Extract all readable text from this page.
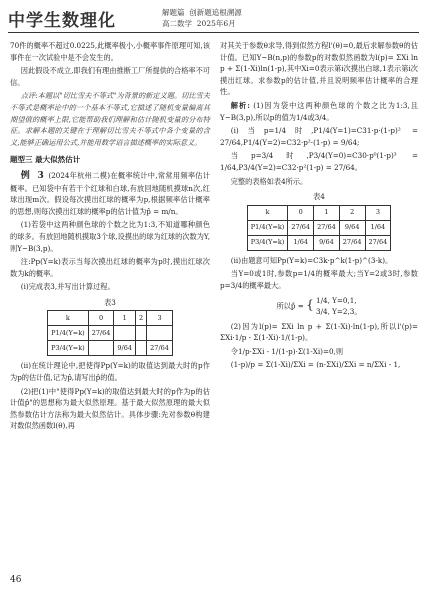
中学生数理化	解题篇 创新题追根溯源
高二数学 2025年6月

70件的概率不超过0.0225,此概率极小,小概率事件原理可知,该事件在一次试验中是不会发生的。

因此假设不成立,即我们有理由推断工厂所提供的合格率不可信。

点评:本题以"切比雪夫不等式"为背景的新定义题。切比雪夫不等式是概率论中的一个基本不等式,它描述了随机变量偏离其期望值的概率上限,它能帮助我们理解和估计随机变量的分布特征。求解本题的关键在于理解切比雪夫不等式中各个变量的含义,能够正确运用公式,并能用数学语言描述概率的实际意义。

题型三 最大似然估计

例 3 (2024年杭州二模)在概率统计中,常常用频率估计概率。已知袋中有若干个红球和白球,有放回地随机摸球n次,红球出现m次。假设每次摸出红球的概率为p,根据频率估计概率的思想,则每次摸出红球的概率p的估计值为p̂ = m/n。

(1)若袋中这两种颜色球的个数之比为1:3,不知道哪种颜色的球多。有放回地随机摸取3个球,设摸出的球为红球的次数为Y,则Y~B(3,p)。

注:Pp(Y=k)表示当每次摸出红球的概率为p时,摸出红球次数为k的概率。

(i)完成表3,并写出计算过程。

表3
k	0	1	2	3
P1/4(Y=k)	27/64			
P3/4(Y=k)		9/64		27/64

(ii)在统计理论中,把使得Pp(Y=k)的取值达到最大时的p作为p的估计值,记为p̂,请写出p̂的值。

(2)把(1)中"使得Pp(Y=k)的取值达到最大时的p作为p的估计值p̂"的思想称为最大似然原理。基于最大似然原理的最大似然参数估计方法称为最大似然估计。具体步骤:先对参数θ构建对数似然函数l(θ),再

对其关于参数θ求导,得到似然方程l'(θ)=0,最后求解参数θ的估计值。已知Y~B(n,p)的参数p的对数似然函数为l(p)= ΣXi ln p + Σ(1-Xi)ln(1-p),其中Xi=0表示第i次摸出白球,1表示第i次摸出红球。求参数p的估计值,并且说明频率估计概率的合理性。

解析: (1)因为袋中这两种颜色球的个数之比为1:3,且Y~B(3,p),所以p的值为1/4或3/4。

(i)当p=1/4时,P1/4(Y=1)=C31·p·(1-p)² = 27/64,P1/4(Y=2)=C32·p²·(1-p) = 9/64;

当p=3/4时,P3/4(Y=0)=C30·p⁰(1-p)³ = 1/64,P3/4(Y=2)=C32·p²(1-p) = 27/64。

完整的表格如表4所示。

表4
k	0	1	2	3
P1/4(Y=k)	27/64	27/64	9/64	1/64
P3/4(Y=k)	1/64	9/64	27/64	27/64

(ii)由题意可知Pp(Y=k)=C3k·p^k(1-p)^(3-k)。

当Y=0或1时,参数p=1/4的概率最大;当Y=2或3时,参数p=3/4的概率最大。

所以p̂ = { 1/4, Y=0,1,
3/4, Y=2,3。

(2)因为l(p)= ΣXi ln p + Σ(1-Xi)·ln(1-p),所以l'(p)= ΣXi·1/p - Σ(1-Xi)·1/(1-p)。

令1/p·ΣXi - 1/(1-p)·Σ(1-Xi)=0,则

(1-p)/p = Σ(1-Xi)/ΣXi = (n-ΣXi)/ΣXi = n/ΣXi - 1,

46
